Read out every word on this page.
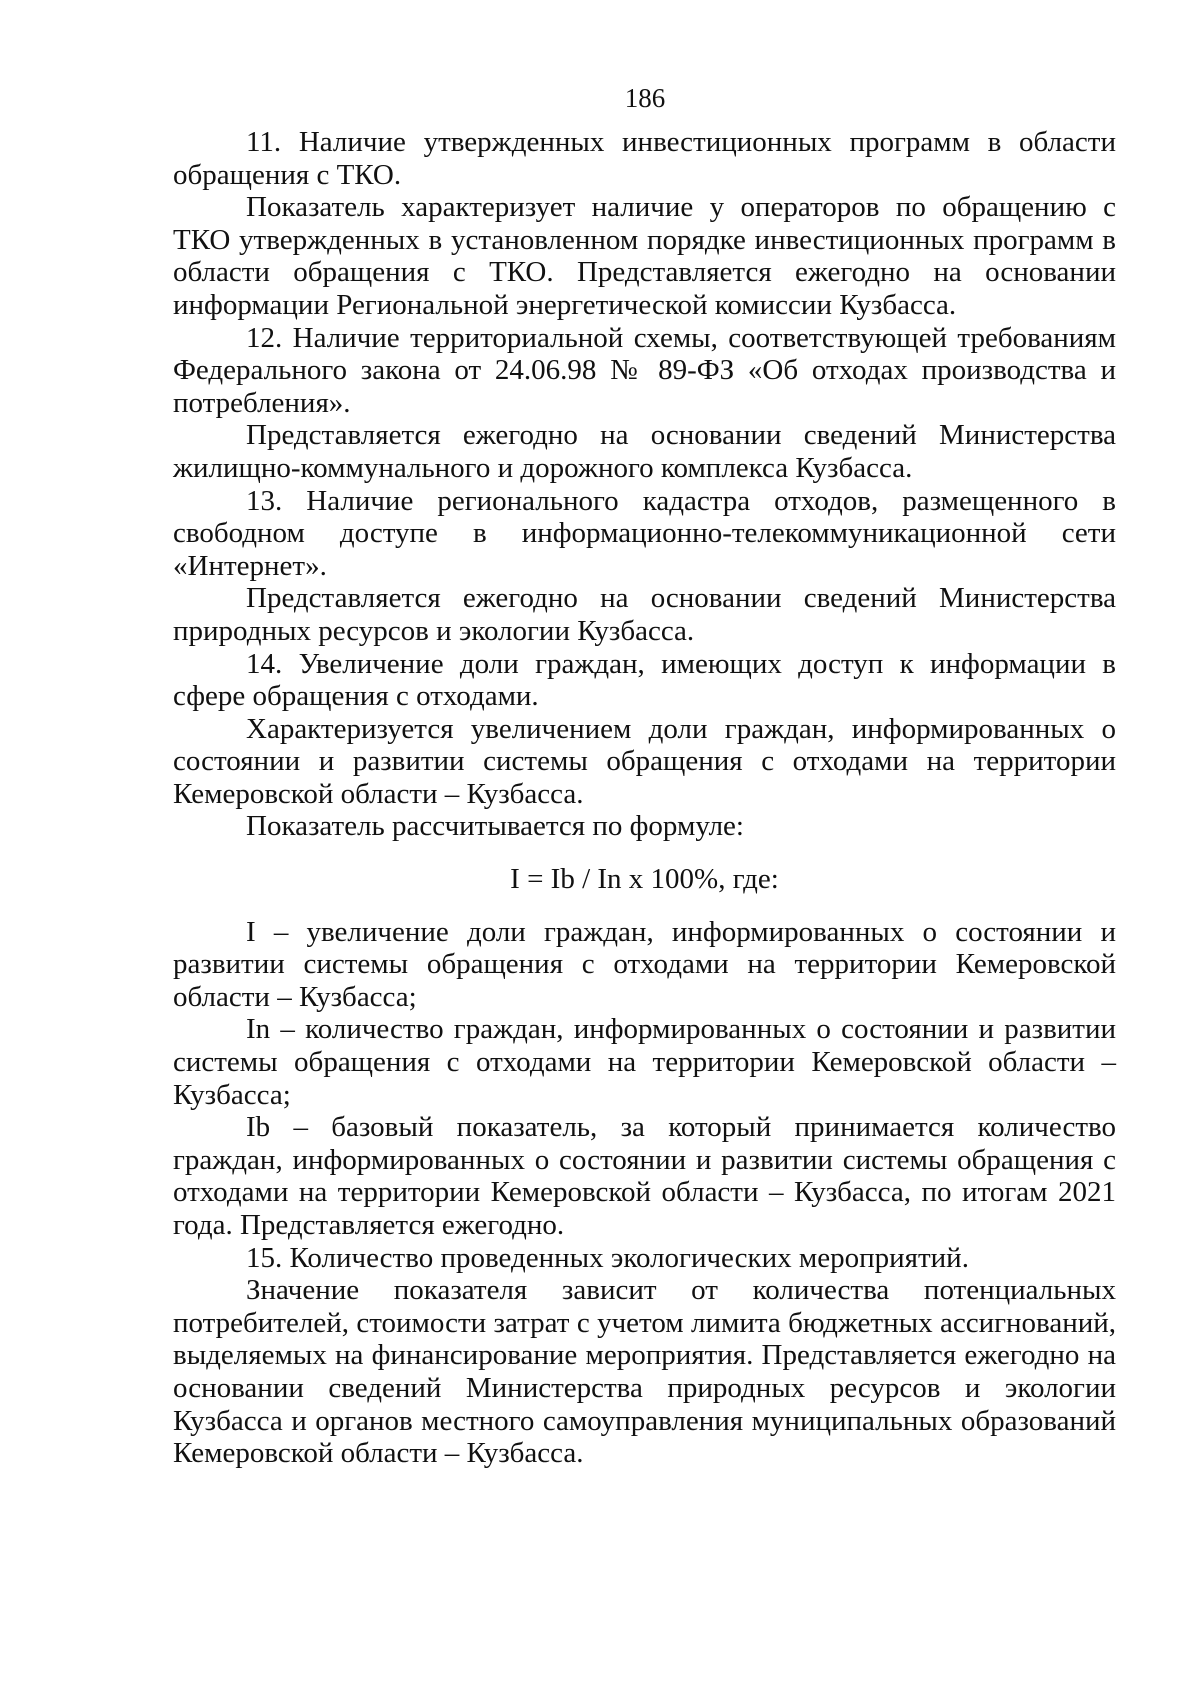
186

11. Наличие утвержденных инвестиционных программ в области обращения с ТКО.

Показатель характеризует наличие у операторов по обращению с ТКО утвержденных в установленном порядке инвестиционных программ в области обращения с ТКО. Представляется ежегодно на основании информации Региональной энергетической комиссии Кузбасса.

12. Наличие территориальной схемы, соответствующей требованиям Федерального закона от 24.06.98 № 89-ФЗ «Об отходах производства и потребления».

Представляется ежегодно на основании сведений Министерства жилищно-коммунального и дорожного комплекса Кузбасса.

13. Наличие регионального кадастра отходов, размещенного в свободном доступе в информационно-телекоммуникационной сети «Интернет».

Представляется ежегодно на основании сведений Министерства природных ресурсов и экологии Кузбасса.

14. Увеличение доли граждан, имеющих доступ к информации в сфере обращения с отходами.

Характеризуется увеличением доли граждан, информированных о состоянии и развитии системы обращения с отходами на территории Кемеровской области – Кузбасса.

Показатель рассчитывается по формуле:

I = Ib / In x 100%, где:

I – увеличение доли граждан, информированных о состоянии и развитии системы обращения с отходами на территории Кемеровской области – Кузбасса;

In – количество граждан, информированных о состоянии и развитии системы обращения с отходами на территории Кемеровской области – Кузбасса;

Ib – базовый показатель, за который принимается количество граждан, информированных о состоянии и развитии системы обращения с отходами на территории Кемеровской области – Кузбасса, по итогам 2021 года. Представляется ежегодно.

15. Количество проведенных экологических мероприятий.

Значение показателя зависит от количества потенциальных потребителей, стоимости затрат с учетом лимита бюджетных ассигнований, выделяемых на финансирование мероприятия. Представляется ежегодно на основании сведений Министерства природных ресурсов и экологии Кузбасса и органов местного самоуправления муниципальных образований Кемеровской области – Кузбасса.
